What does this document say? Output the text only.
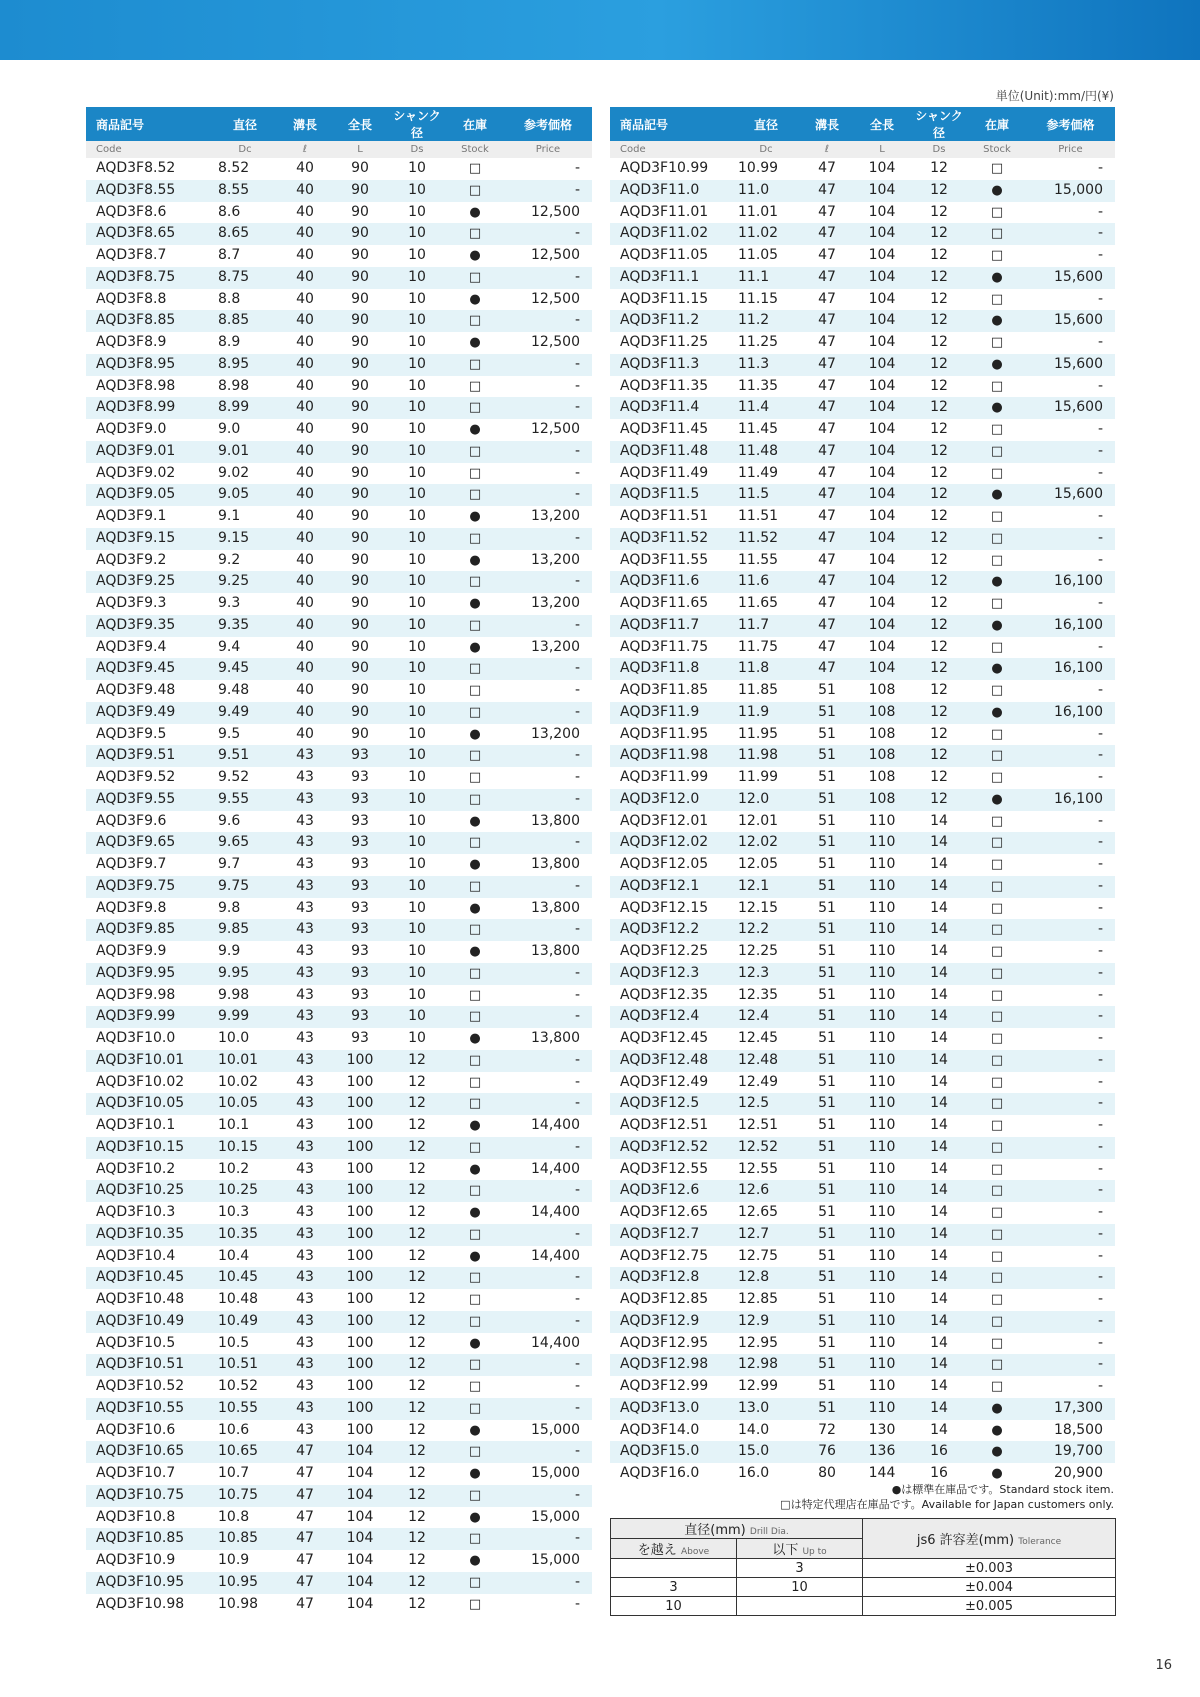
単位(Unit):mm/円(¥)
商品記号	直径	溝長	全長	シャンク径	在庫	参考価格
Code	Dc	ℓ	L	Ds	Stock	Price
AQD3F8.52	8.52	40	90	10	□	-
AQD3F8.55	8.55	40	90	10	□	-
AQD3F8.6	8.6	40	90	10	●	12,500
AQD3F8.65	8.65	40	90	10	□	-
AQD3F8.7	8.7	40	90	10	●	12,500
AQD3F8.75	8.75	40	90	10	□	-
AQD3F8.8	8.8	40	90	10	●	12,500
AQD3F8.85	8.85	40	90	10	□	-
AQD3F8.9	8.9	40	90	10	●	12,500
AQD3F8.95	8.95	40	90	10	□	-
AQD3F8.98	8.98	40	90	10	□	-
AQD3F8.99	8.99	40	90	10	□	-
AQD3F9.0	9.0	40	90	10	●	12,500
AQD3F9.01	9.01	40	90	10	□	-
AQD3F9.02	9.02	40	90	10	□	-
AQD3F9.05	9.05	40	90	10	□	-
AQD3F9.1	9.1	40	90	10	●	13,200
AQD3F9.15	9.15	40	90	10	□	-
AQD3F9.2	9.2	40	90	10	●	13,200
AQD3F9.25	9.25	40	90	10	□	-
AQD3F9.3	9.3	40	90	10	●	13,200
AQD3F9.35	9.35	40	90	10	□	-
AQD3F9.4	9.4	40	90	10	●	13,200
AQD3F9.45	9.45	40	90	10	□	-
AQD3F9.48	9.48	40	90	10	□	-
AQD3F9.49	9.49	40	90	10	□	-
AQD3F9.5	9.5	40	90	10	●	13,200
AQD3F9.51	9.51	43	93	10	□	-
AQD3F9.52	9.52	43	93	10	□	-
AQD3F9.55	9.55	43	93	10	□	-
AQD3F9.6	9.6	43	93	10	●	13,800
AQD3F9.65	9.65	43	93	10	□	-
AQD3F9.7	9.7	43	93	10	●	13,800
AQD3F9.75	9.75	43	93	10	□	-
AQD3F9.8	9.8	43	93	10	●	13,800
AQD3F9.85	9.85	43	93	10	□	-
AQD3F9.9	9.9	43	93	10	●	13,800
AQD3F9.95	9.95	43	93	10	□	-
AQD3F9.98	9.98	43	93	10	□	-
AQD3F9.99	9.99	43	93	10	□	-
AQD3F10.0	10.0	43	93	10	●	13,800
AQD3F10.01	10.01	43	100	12	□	-
AQD3F10.02	10.02	43	100	12	□	-
AQD3F10.05	10.05	43	100	12	□	-
AQD3F10.1	10.1	43	100	12	●	14,400
AQD3F10.15	10.15	43	100	12	□	-
AQD3F10.2	10.2	43	100	12	●	14,400
AQD3F10.25	10.25	43	100	12	□	-
AQD3F10.3	10.3	43	100	12	●	14,400
AQD3F10.35	10.35	43	100	12	□	-
AQD3F10.4	10.4	43	100	12	●	14,400
AQD3F10.45	10.45	43	100	12	□	-
AQD3F10.48	10.48	43	100	12	□	-
AQD3F10.49	10.49	43	100	12	□	-
AQD3F10.5	10.5	43	100	12	●	14,400
AQD3F10.51	10.51	43	100	12	□	-
AQD3F10.52	10.52	43	100	12	□	-
AQD3F10.55	10.55	43	100	12	□	-
AQD3F10.6	10.6	43	100	12	●	15,000
AQD3F10.65	10.65	47	104	12	□	-
AQD3F10.7	10.7	47	104	12	●	15,000
AQD3F10.75	10.75	47	104	12	□	-
AQD3F10.8	10.8	47	104	12	●	15,000
AQD3F10.85	10.85	47	104	12	□	-
AQD3F10.9	10.9	47	104	12	●	15,000
AQD3F10.95	10.95	47	104	12	□	-
AQD3F10.98	10.98	47	104	12	□	-
商品記号	直径	溝長	全長	シャンク径	在庫	参考価格
Code	Dc	ℓ	L	Ds	Stock	Price
AQD3F10.99	10.99	47	104	12	□	-
AQD3F11.0	11.0	47	104	12	●	15,000
AQD3F11.01	11.01	47	104	12	□	-
AQD3F11.02	11.02	47	104	12	□	-
AQD3F11.05	11.05	47	104	12	□	-
AQD3F11.1	11.1	47	104	12	●	15,600
AQD3F11.15	11.15	47	104	12	□	-
AQD3F11.2	11.2	47	104	12	●	15,600
AQD3F11.25	11.25	47	104	12	□	-
AQD3F11.3	11.3	47	104	12	●	15,600
AQD3F11.35	11.35	47	104	12	□	-
AQD3F11.4	11.4	47	104	12	●	15,600
AQD3F11.45	11.45	47	104	12	□	-
AQD3F11.48	11.48	47	104	12	□	-
AQD3F11.49	11.49	47	104	12	□	-
AQD3F11.5	11.5	47	104	12	●	15,600
AQD3F11.51	11.51	47	104	12	□	-
AQD3F11.52	11.52	47	104	12	□	-
AQD3F11.55	11.55	47	104	12	□	-
AQD3F11.6	11.6	47	104	12	●	16,100
AQD3F11.65	11.65	47	104	12	□	-
AQD3F11.7	11.7	47	104	12	●	16,100
AQD3F11.75	11.75	47	104	12	□	-
AQD3F11.8	11.8	47	104	12	●	16,100
AQD3F11.85	11.85	51	108	12	□	-
AQD3F11.9	11.9	51	108	12	●	16,100
AQD3F11.95	11.95	51	108	12	□	-
AQD3F11.98	11.98	51	108	12	□	-
AQD3F11.99	11.99	51	108	12	□	-
AQD3F12.0	12.0	51	108	12	●	16,100
AQD3F12.01	12.01	51	110	14	□	-
AQD3F12.02	12.02	51	110	14	□	-
AQD3F12.05	12.05	51	110	14	□	-
AQD3F12.1	12.1	51	110	14	□	-
AQD3F12.15	12.15	51	110	14	□	-
AQD3F12.2	12.2	51	110	14	□	-
AQD3F12.25	12.25	51	110	14	□	-
AQD3F12.3	12.3	51	110	14	□	-
AQD3F12.35	12.35	51	110	14	□	-
AQD3F12.4	12.4	51	110	14	□	-
AQD3F12.45	12.45	51	110	14	□	-
AQD3F12.48	12.48	51	110	14	□	-
AQD3F12.49	12.49	51	110	14	□	-
AQD3F12.5	12.5	51	110	14	□	-
AQD3F12.51	12.51	51	110	14	□	-
AQD3F12.52	12.52	51	110	14	□	-
AQD3F12.55	12.55	51	110	14	□	-
AQD3F12.6	12.6	51	110	14	□	-
AQD3F12.65	12.65	51	110	14	□	-
AQD3F12.7	12.7	51	110	14	□	-
AQD3F12.75	12.75	51	110	14	□	-
AQD3F12.8	12.8	51	110	14	□	-
AQD3F12.85	12.85	51	110	14	□	-
AQD3F12.9	12.9	51	110	14	□	-
AQD3F12.95	12.95	51	110	14	□	-
AQD3F12.98	12.98	51	110	14	□	-
AQD3F12.99	12.99	51	110	14	□	-
AQD3F13.0	13.0	51	110	14	●	17,300
AQD3F14.0	14.0	72	130	14	●	18,500
AQD3F15.0	15.0	76	136	16	●	19,700
AQD3F16.0	16.0	80	144	16	●	20,900
●は標準在庫品です。Standard stock item.
□は特定代理店在庫品です。Available for Japan customers only.
直径(mm) Drill Dia.		js6 許容差(mm) Tolerance
を越え Above	以下 Up to	
	3	±0.003
3	10	±0.004
10		±0.005
16
